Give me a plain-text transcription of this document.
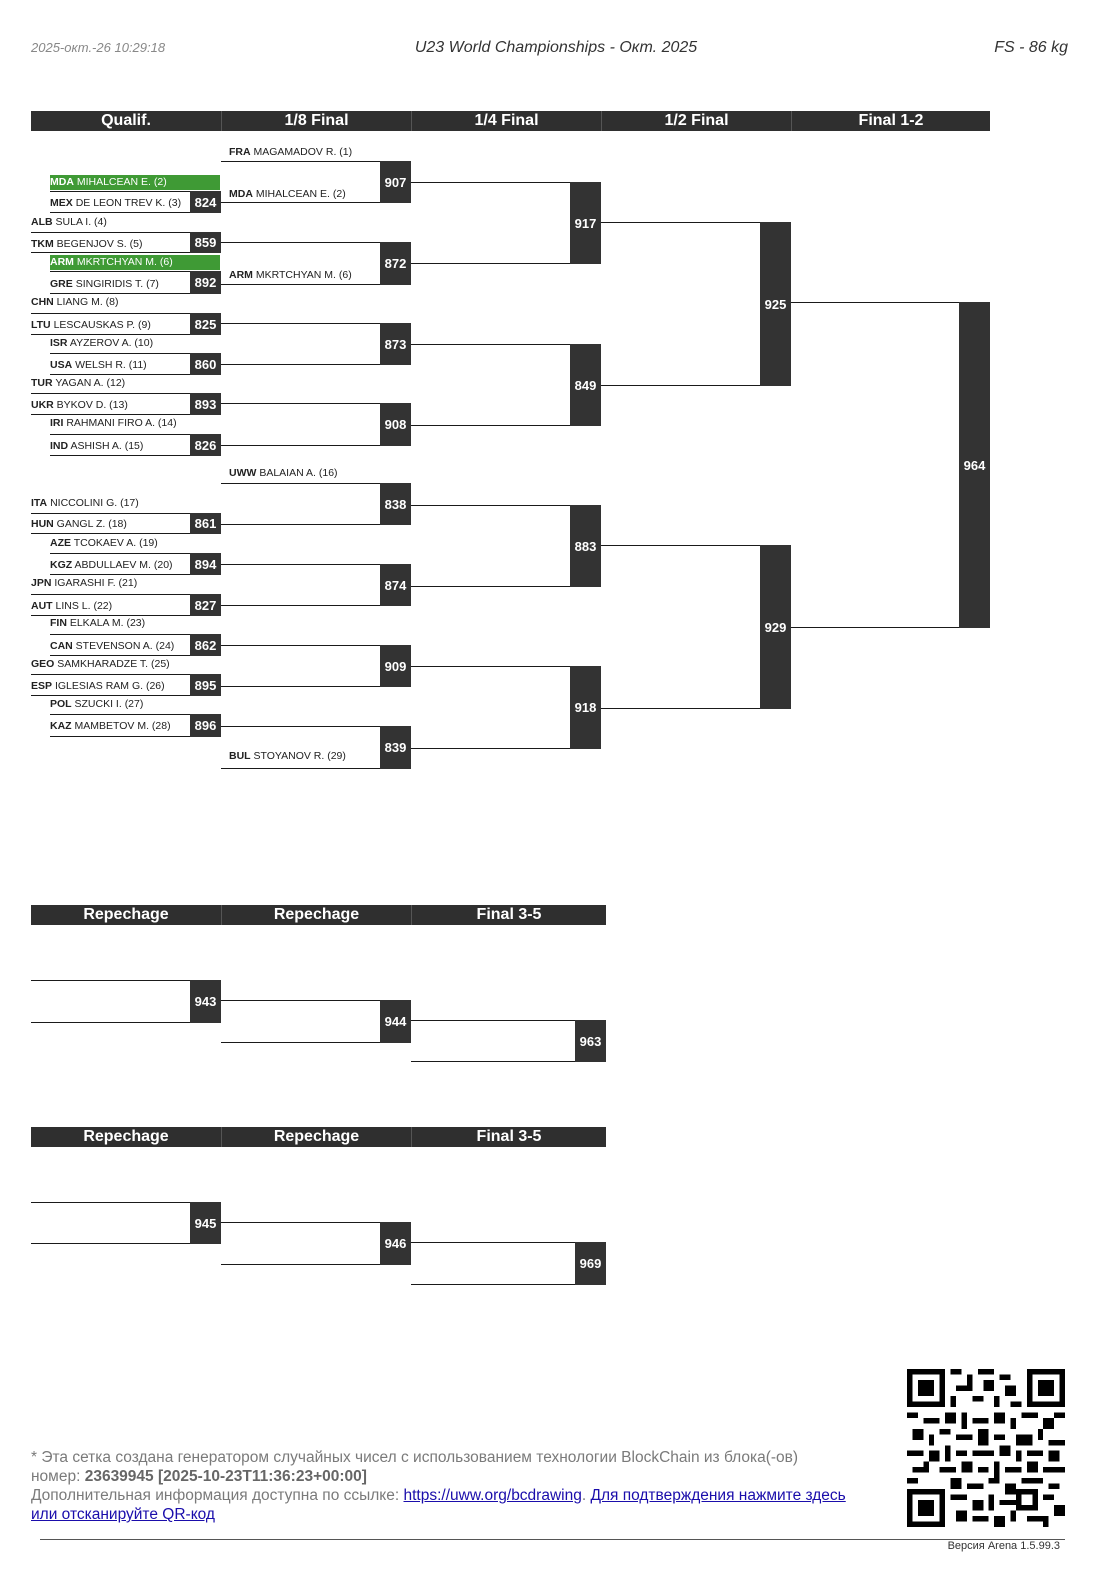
2025-окт.-26 10:29:18	U23 World Championships - Окт. 2025	FS - 86 kg
Qualif.	1/8 Final	1/4 Final	1/2 Final	Final 1-2
Repechage	Repechage	Final 3-5
Repechage	Repechage	Final 3-5
FRA MAGAMADOV R. (1)
MDA MIHALCEAN E. (2)
MEX DE LEON TREV K. (3)
MDA MIHALCEAN E. (2)
ALB SULA I. (4)
TKM BEGENJOV S. (5)
ARM MKRTCHYAN M. (6)
GRE SINGIRIDIS T. (7)
ARM MKRTCHYAN M. (6)
CHN LIANG M. (8)
LTU LESCAUSKAS P. (9)
ISR AYZEROV A. (10)
USA WELSH R. (11)
TUR YAGAN A. (12)
UKR BYKOV D. (13)
IRI RAHMANI FIRO A. (14)
IND ASHISH A. (15)
UWW BALAIAN A. (16)
ITA NICCOLINI G. (17)
HUN GANGL Z. (18)
AZE TCOKAEV A. (19)
KGZ ABDULLAEV M. (20)
JPN IGARASHI F. (21)
AUT LINS L. (22)
FIN ELKALA M. (23)
CAN STEVENSON A. (24)
GEO SAMKHARADZE T. (25)
ESP IGLESIAS RAM G. (26)
POL SZUCKI I. (27)
KAZ MAMBETOV M. (28)
BUL STOYANOV R. (29)
824
859
892
825
860
893
826
861
894
827
862
895
896
907
872
873
908
838
874
909
839
917
849
883
918
925
929
964
943
944
963
945
946
969
* Эта сетка создана генератором случайных чисел с использованием технологии BlockChain из блока(-ов)
номер: 23639945 [2025-10-23T11:36:23+00:00]
Дополнительная информация доступна по ссылке: https://uww.org/bcdrawing. Для подтверждения нажмите здесь или отсканируйте QR-код
Версия Arena 1.5.99.3
